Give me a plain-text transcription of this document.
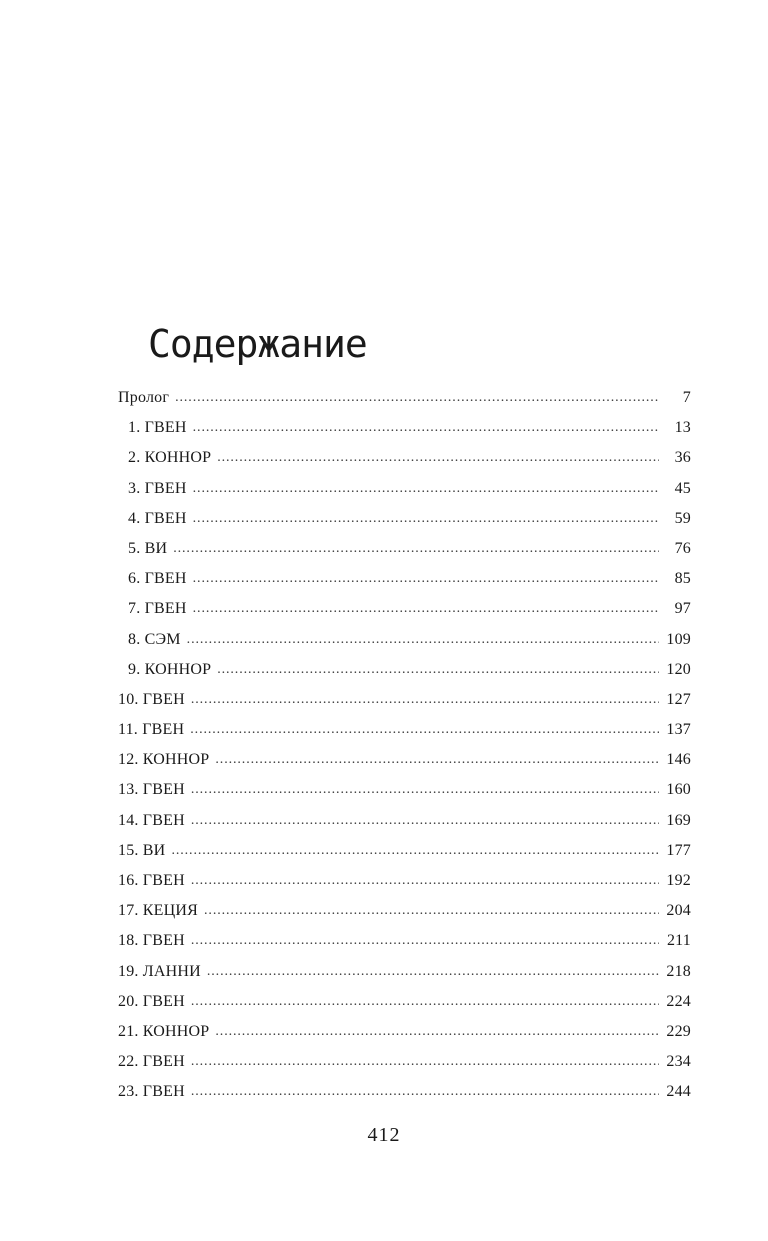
Содержание
Пролог . . .	7
1. ГВЕН . . .	13
2. КОННОР . . .	36
3. ГВЕН . . .	45
4. ГВЕН . . .	59
5. ВИ . . .	76
6. ГВЕН . . .	85
7. ГВЕН . . .	97
8. СЭМ . . .	109
9. КОННОР . . .	120
10. ГВЕН . . .	127
11. ГВЕН . . .	137
12. КОННОР . . .	146
13. ГВЕН . . .	160
14. ГВЕН . . .	169
15. ВИ . . .	177
16. ГВЕН . . .	192
17. КЕЦИЯ . . .	204
18. ГВЕН . . .	211
19. ЛАННИ . . .	218
20. ГВЕН . . .	224
21. КОННОР . . .	229
22. ГВЕН . . .	234
23. ГВЕН . . .	244
412
